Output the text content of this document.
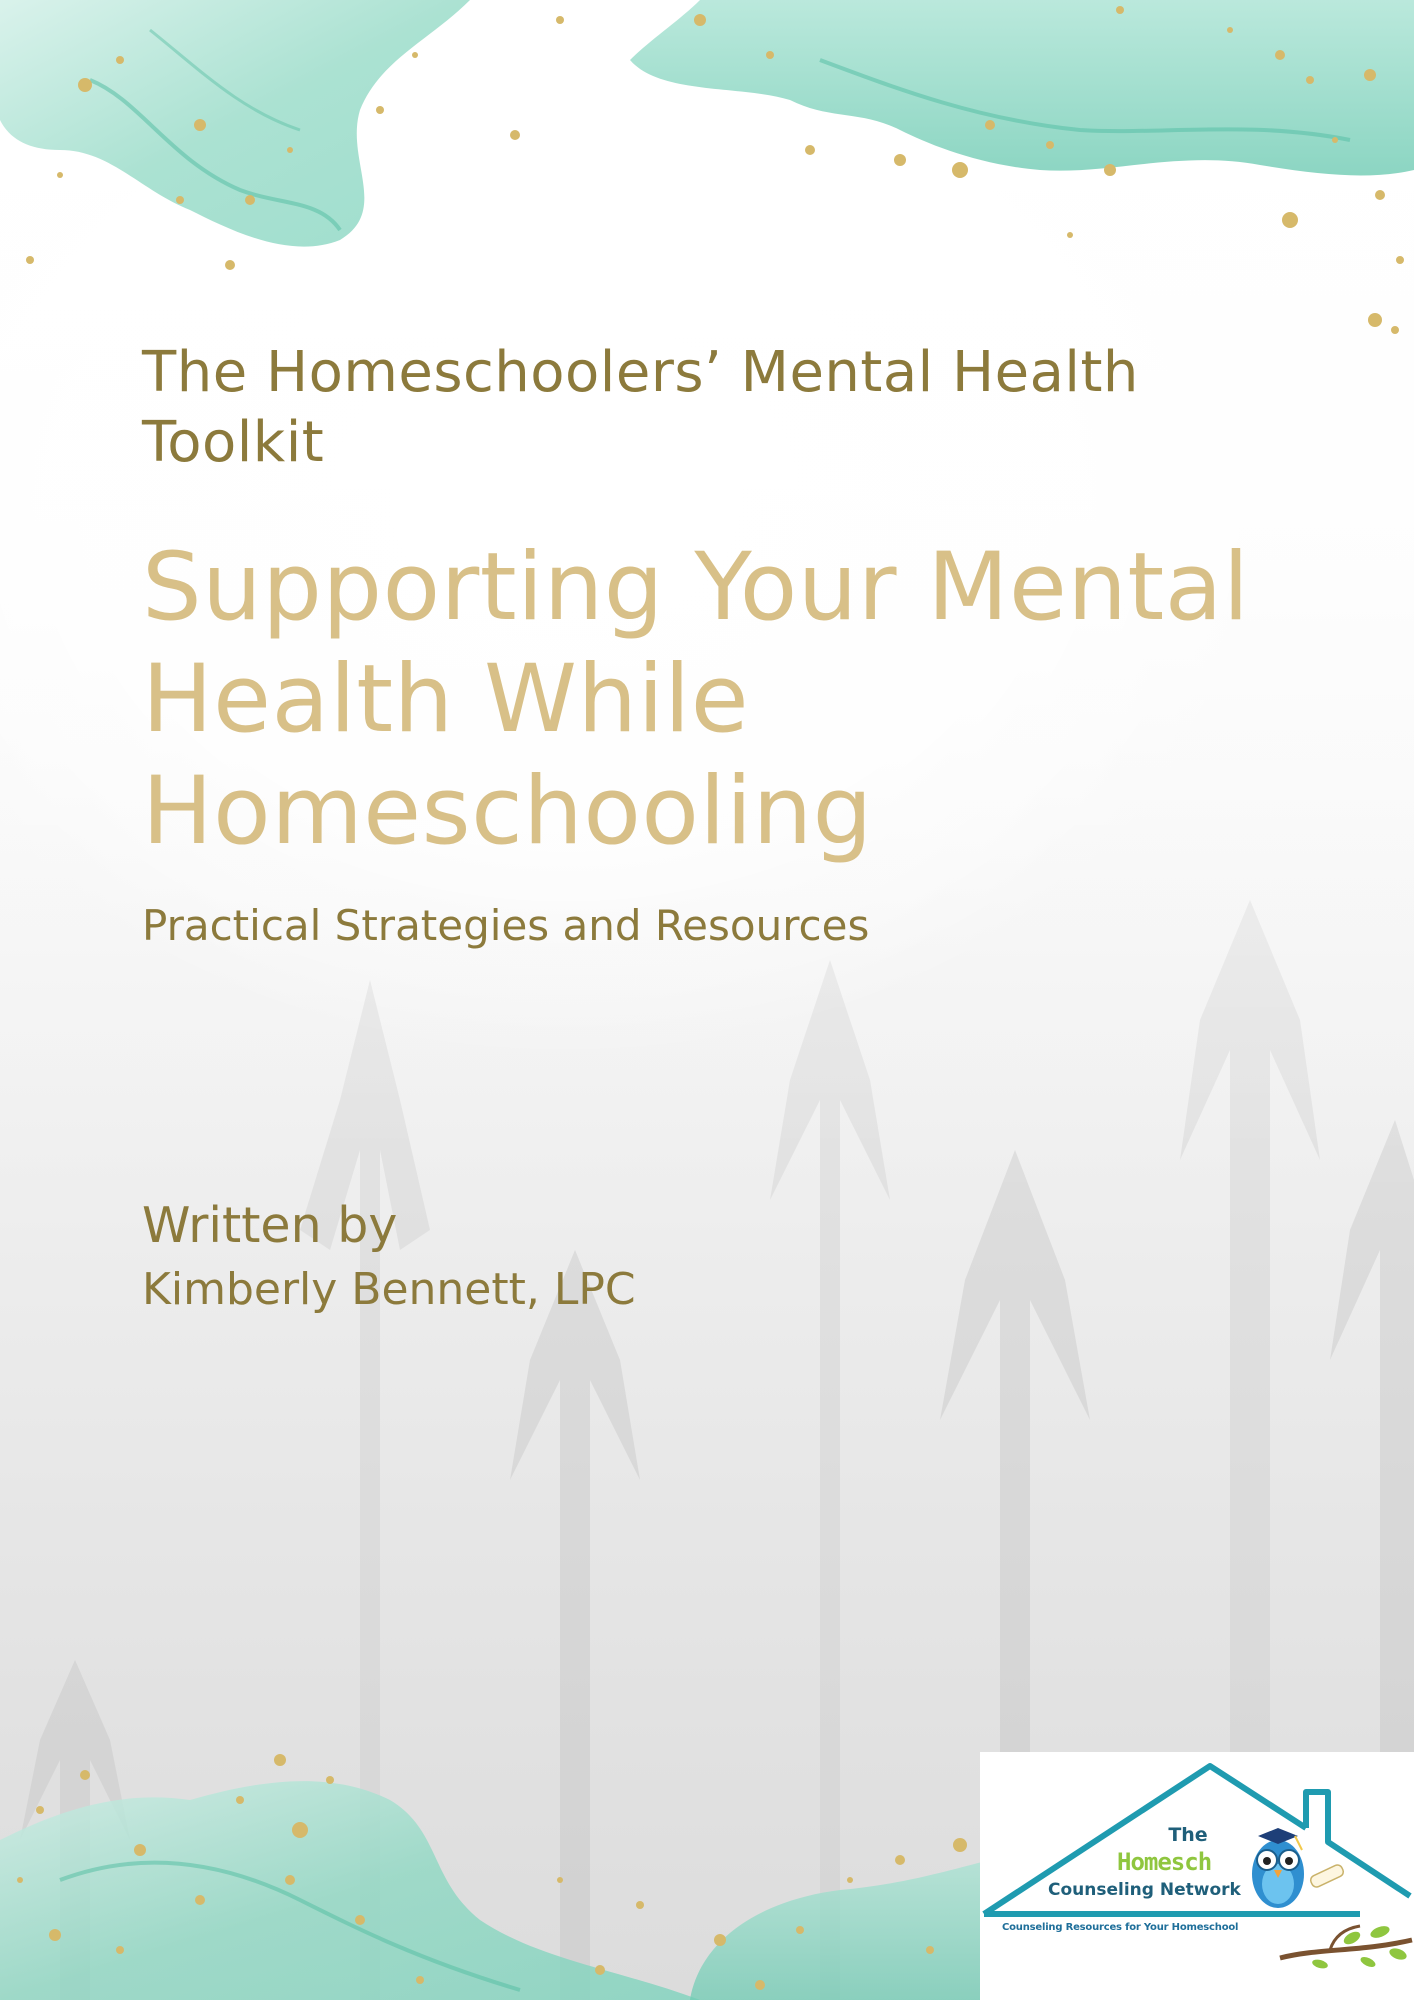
The Homeschoolers’ Mental Health Toolkit
Supporting Your Mental
Health While
Homeschooling
Practical Strategies and Resources
Written by
Kimberly Bennett, LPC
The
Homesch
Counseling Network
Counseling Resources for Your Homeschool
